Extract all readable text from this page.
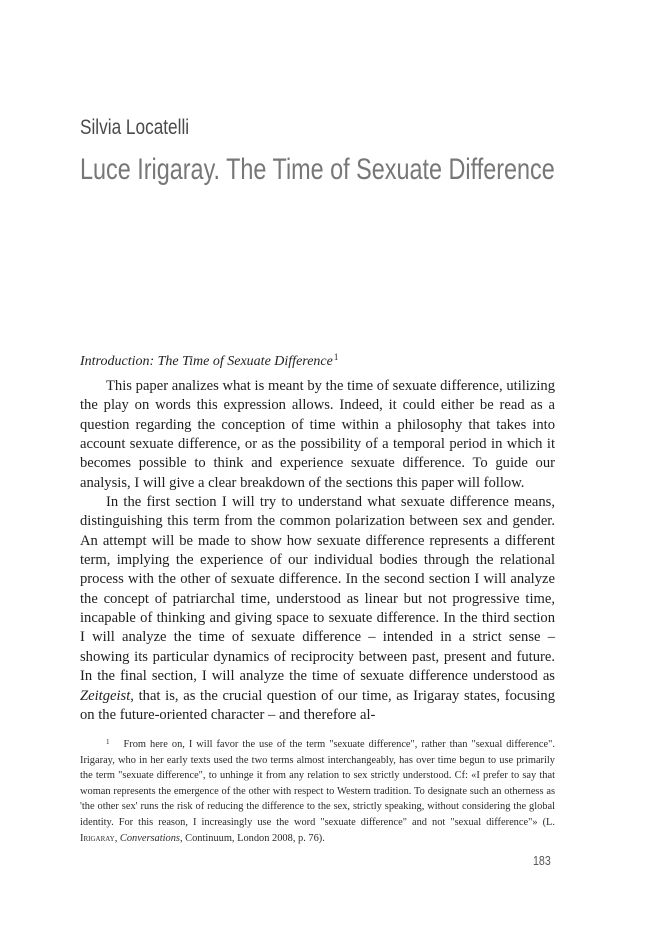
Silvia Locatelli
Luce Irigaray. The Time of Sexuate Difference
Introduction: The Time of Sexuate Difference$^1$

This paper analizes what is meant by the time of sexuate difference, utilizing the play on words this expression allows. Indeed, it could either be read as a question regarding the conception of time within a philosophy that takes into account sexuate difference, or as the possibility of a temporal period in which it becomes possible to think and experience sexuate difference. To guide our analysis, I will give a clear breakdown of the sections this paper will follow.

In the first section I will try to understand what sexuate difference means, distinguishing this term from the common polarization between sex and gender. An attempt will be made to show how sexuate difference represents a different term, implying the experience of our individual bodies through the relational process with the other of sexuate difference. In the second section I will analyze the concept of patriarchal time, understood as linear but not progressive time, incapable of thinking and giving space to sexuate difference. In the third section I will analyze the time of sexuate difference – intended in a strict sense – showing its particular dynamics of reciprocity between past, present and future. In the final section, I will analyze the time of sexuate difference understood as Zeitgeist, that is, as the crucial question of our time, as Irigaray states, focusing on the future-oriented character – and therefore al-

$^1$ From here on, I will favor the use of the term "sexuate difference", rather than "sexual difference". Irigaray, who in her early texts used the two terms almost interchangeably, has over time begun to use primarily the term "sexuate difference", to unhinge it from any relation to sex strictly understood. Cf: «I prefer to say that woman represents the emergence of the other with respect to Western tradition. To designate such an otherness as 'the other sex' runs the risk of reducing the difference to the sex, strictly speaking, without considering the global identity. For this reason, I increasingly use the word "sexuate difference" and not "sexual difference"» (L. Irigaray, Conversations, Continuum, London 2008, p. 76).

183
